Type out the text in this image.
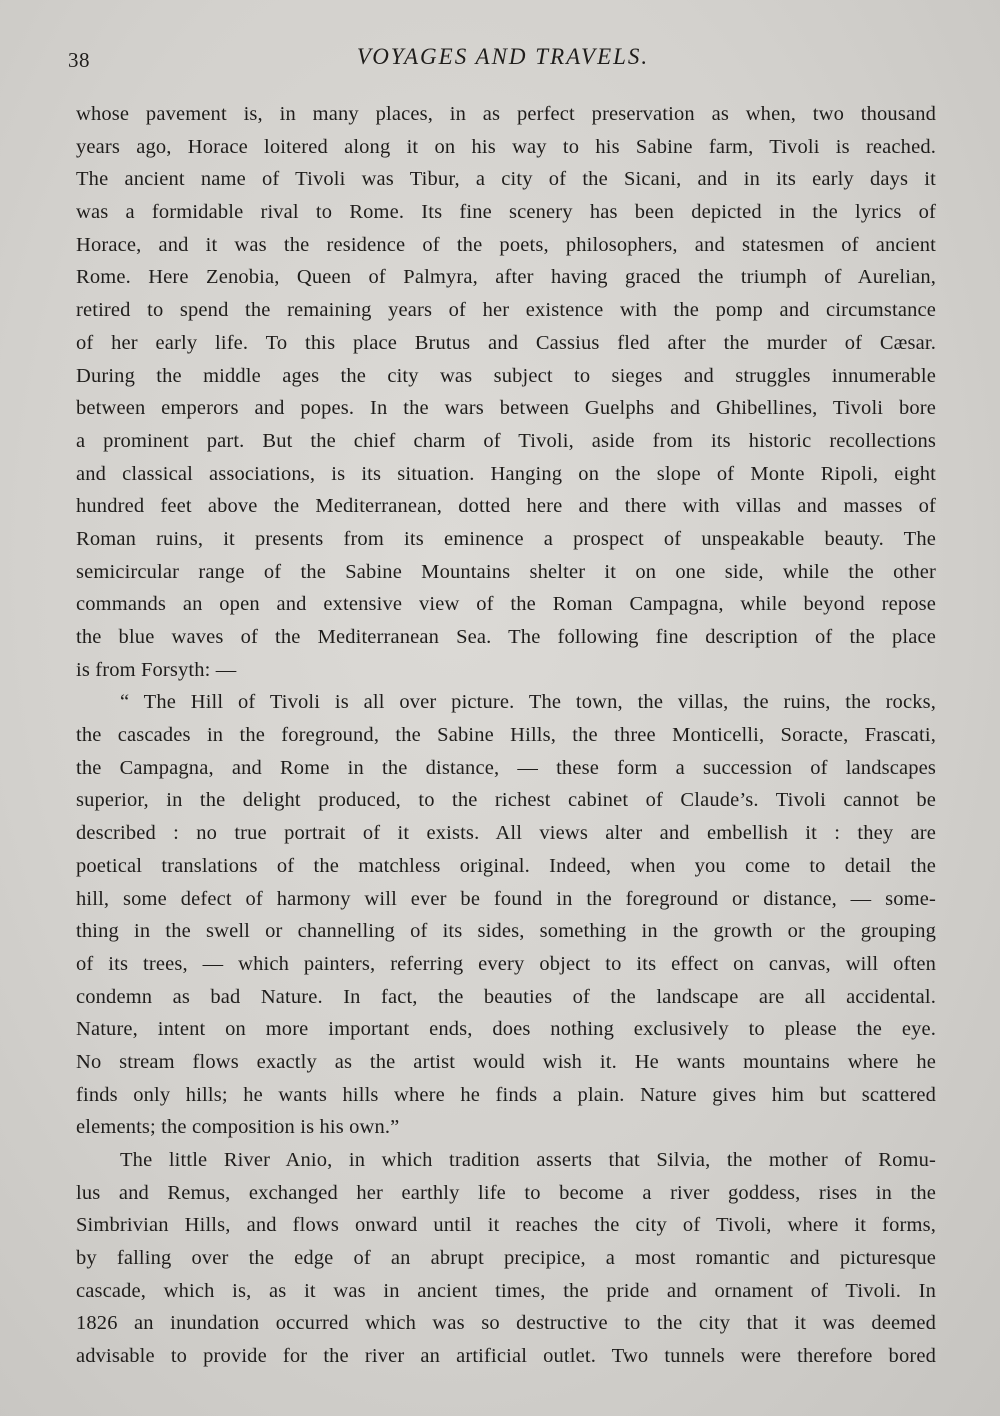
38	VOYAGES AND TRAVELS.
whose pavement is, in many places, in as perfect preservation as when, two thousand
years ago, Horace loitered along it on his way to his Sabine farm, Tivoli is reached.
The ancient name of Tivoli was Tibur, a city of the Sicani, and in its early days it
was a formidable rival to Rome. Its fine scenery has been depicted in the lyrics of
Horace, and it was the residence of the poets, philosophers, and statesmen of ancient
Rome. Here Zenobia, Queen of Palmyra, after having graced the triumph of Aurelian,
retired to spend the remaining years of her existence with the pomp and circumstance
of her early life. To this place Brutus and Cassius fled after the murder of Cæsar.
During the middle ages the city was subject to sieges and struggles innumerable
between emperors and popes. In the wars between Guelphs and Ghibellines, Tivoli bore
a prominent part. But the chief charm of Tivoli, aside from its historic recollections
and classical associations, is its situation. Hanging on the slope of Monte Ripoli, eight
hundred feet above the Mediterranean, dotted here and there with villas and masses of
Roman ruins, it presents from its eminence a prospect of unspeakable beauty. The
semicircular range of the Sabine Mountains shelter it on one side, while the other
commands an open and extensive view of the Roman Campagna, while beyond repose
the blue waves of the Mediterranean Sea. The following fine description of the place
is from Forsyth: —
“ The Hill of Tivoli is all over picture. The town, the villas, the ruins, the rocks,
the cascades in the foreground, the Sabine Hills, the three Monticelli, Soracte, Frascati,
the Campagna, and Rome in the distance, — these form a succession of landscapes
superior, in the delight produced, to the richest cabinet of Claude’s. Tivoli cannot be
described : no true portrait of it exists. All views alter and embellish it : they are
poetical translations of the matchless original. Indeed, when you come to detail the
hill, some defect of harmony will ever be found in the foreground or distance, — some-
thing in the swell or channelling of its sides, something in the growth or the grouping
of its trees, — which painters, referring every object to its effect on canvas, will often
condemn as bad Nature. In fact, the beauties of the landscape are all accidental.
Nature, intent on more important ends, does nothing exclusively to please the eye.
No stream flows exactly as the artist would wish it. He wants mountains where he
finds only hills; he wants hills where he finds a plain. Nature gives him but scattered
elements; the composition is his own.”
The little River Anio, in which tradition asserts that Silvia, the mother of Romu-
lus and Remus, exchanged her earthly life to become a river goddess, rises in the
Simbrivian Hills, and flows onward until it reaches the city of Tivoli, where it forms,
by falling over the edge of an abrupt precipice, a most romantic and picturesque
cascade, which is, as it was in ancient times, the pride and ornament of Tivoli. In
1826 an inundation occurred which was so destructive to the city that it was deemed
advisable to provide for the river an artificial outlet. Two tunnels were therefore bored
